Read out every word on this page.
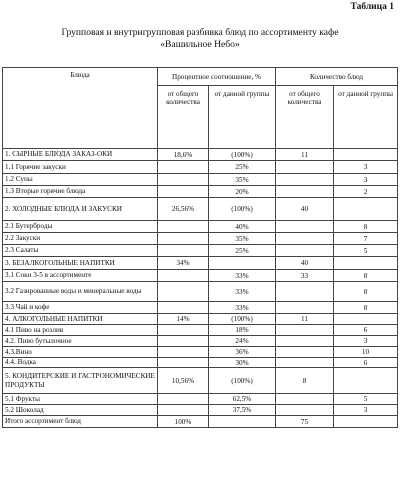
Таблица 1
Групповая и внутригрупповая разбивка блюд по ассортименту кафе
«Вашильное Небо»
Блюда	Процентное соотношение, %		Количество блюд	
	от общего количества	от данной группы	от общего количества	от данной группы
1. СЫРНЫЕ БЛЮДА ЗАКАЗ-ОКИ	18,6%	(100%)	11	
1.1 Горячие закуски		25%		3
1.2 Супы		35%		3
1.3 Вторые горячие блюда		20%		2
2. ХОЛОДНЫЕ БЛЮДА И ЗАКУСКИ	26,56%	(100%)	40	
2.1 Бутерброды		40%		8
2.2 Закуски		35%		7
2.3 Салаты		25%		5
3. БЕЗАЛКОГОЛЬНЫЕ НАПИТКИ	34%		40	
3.1 Соки 3-5 в ассортименте		33%	33	8
3.2 Газированные воды и минеральные воды		33%		8
3.3 Чай и кофе		33%		8
4. АЛКОГОЛЬНЫЕ НАПИТКИ	14%	(100%)	11	
4.1 Пиво на розлив		18%		6
4.2. Пиво бутылочное		24%		3
4.3.Вино		36%		10
4.4. Водка		30%		6
5. КОНДИТЕРСКИЕ И ГАСТРОНОМИЧЕСКИЕ ПРОДУКТЫ	10,56%	(100%)	8	
5.1 Фрукты		62,5%		5
5.2 Шоколад		37,5%		3
Итого ассортимент блюд	100%		75	
